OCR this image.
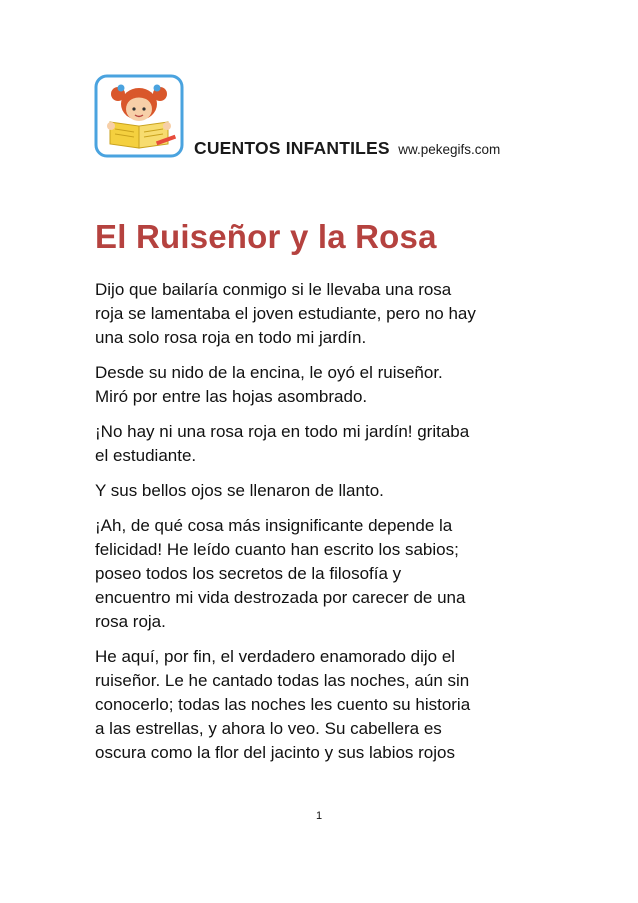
CUENTOS INFANTILES ww.pekegifs.com
El Ruiseñor y la Rosa

Dijo que bailaría conmigo si le llevaba una rosa
roja se lamentaba el joven estudiante, pero no hay
una solo rosa roja en todo mi jardín.

Desde su nido de la encina, le oyó el ruiseñor.
Miró por entre las hojas asombrado.

¡No hay ni una rosa roja en todo mi jardín! gritaba
el estudiante.

Y sus bellos ojos se llenaron de llanto.

¡Ah, de qué cosa más insignificante depende la
felicidad! He leído cuanto han escrito los sabios;
poseo todos los secretos de la filosofía y
encuentro mi vida destrozada por carecer de una
rosa roja.

He aquí, por fin, el verdadero enamorado dijo el
ruiseñor. Le he cantado todas las noches, aún sin
conocerlo; todas las noches les cuento su historia
a las estrellas, y ahora lo veo. Su cabellera es
oscura como la flor del jacinto y sus labios rojos

1
